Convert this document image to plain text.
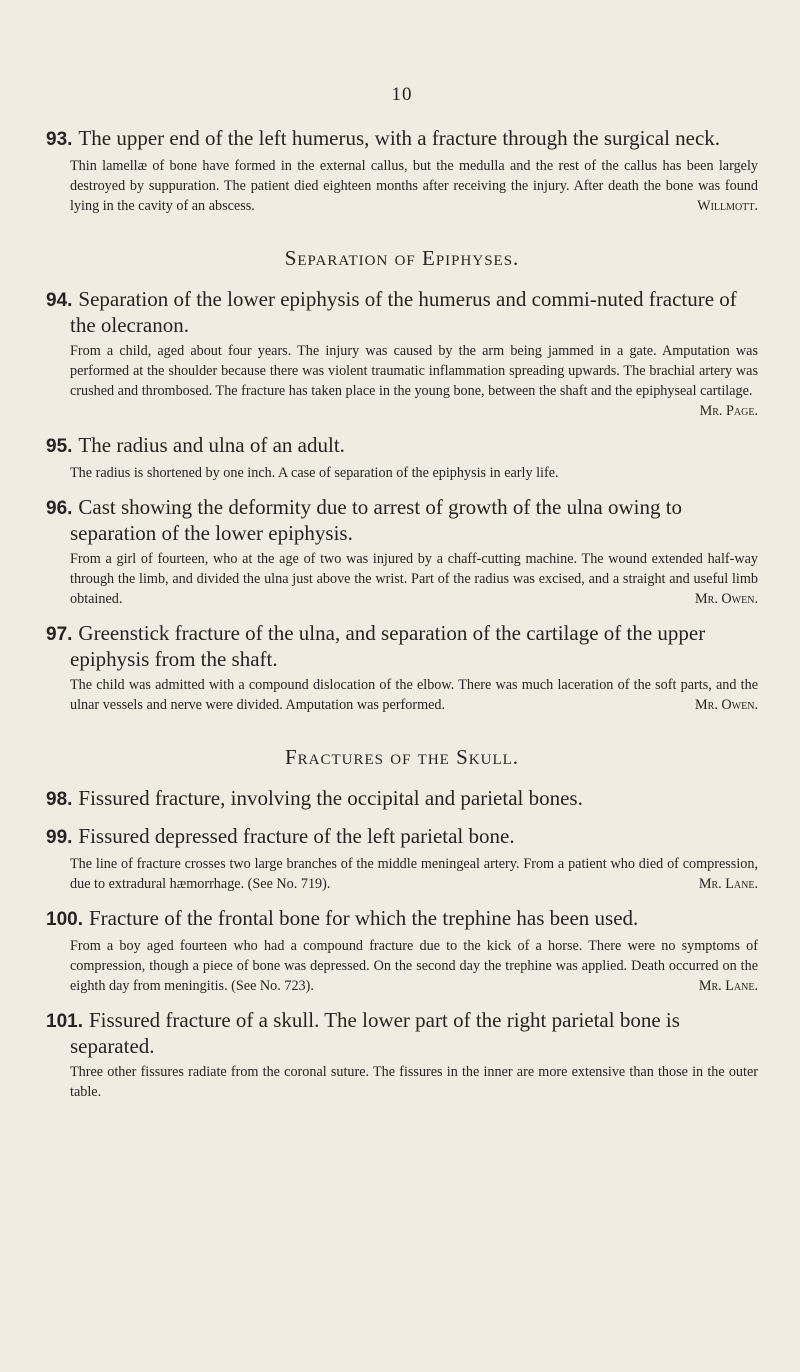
10
93. The upper end of the left humerus, with a fracture through the surgical neck.
Thin lamellæ of bone have formed in the external callus, but the medulla and the rest of the callus has been largely destroyed by suppuration. The patient died eighteen months after receiving the injury. After death the bone was found lying in the cavity of an abscess.	Willmott.
Separation of Epiphyses.
94. Separation of the lower epiphysis of the humerus and commi-nuted fracture of the olecranon.
From a child, aged about four years. The injury was caused by the arm being jammed in a gate. Amputation was performed at the shoulder because there was violent traumatic inflammation spreading upwards. The brachial artery was crushed and thrombosed. The fracture has taken place in the young bone, between the shaft and the epiphyseal cartilage.
Mr. Page.
95. The radius and ulna of an adult.
The radius is shortened by one inch. A case of separation of the epiphysis in early life.
96. Cast showing the deformity due to arrest of growth of the ulna owing to separation of the lower epiphysis.
From a girl of fourteen, who at the age of two was injured by a chaff-cutting machine. The wound extended half-way through the limb, and divided the ulna just above the wrist. Part of the radius was excised, and a straight and useful limb obtained.	Mr. Owen.
97. Greenstick fracture of the ulna, and separation of the cartilage of the upper epiphysis from the shaft.
The child was admitted with a compound dislocation of the elbow. There was much laceration of the soft parts, and the ulnar vessels and nerve were divided. Amputation was performed.	Mr. Owen.
Fractures of the Skull.
98. Fissured fracture, involving the occipital and parietal bones.
99. Fissured depressed fracture of the left parietal bone.
The line of fracture crosses two large branches of the middle meningeal artery. From a patient who died of compression, due to extradural hæmorrhage. (See No. 719).	Mr. Lane.
100. Fracture of the frontal bone for which the trephine has been used.
From a boy aged fourteen who had a compound fracture due to the kick of a horse. There were no symptoms of compression, though a piece of bone was depressed. On the second day the trephine was applied. Death occurred on the eighth day from meningitis. (See No. 723).	Mr. Lane.
101. Fissured fracture of a skull. The lower part of the right parietal bone is separated.
Three other fissures radiate from the coronal suture. The fissures in the inner are more extensive than those in the outer table.
